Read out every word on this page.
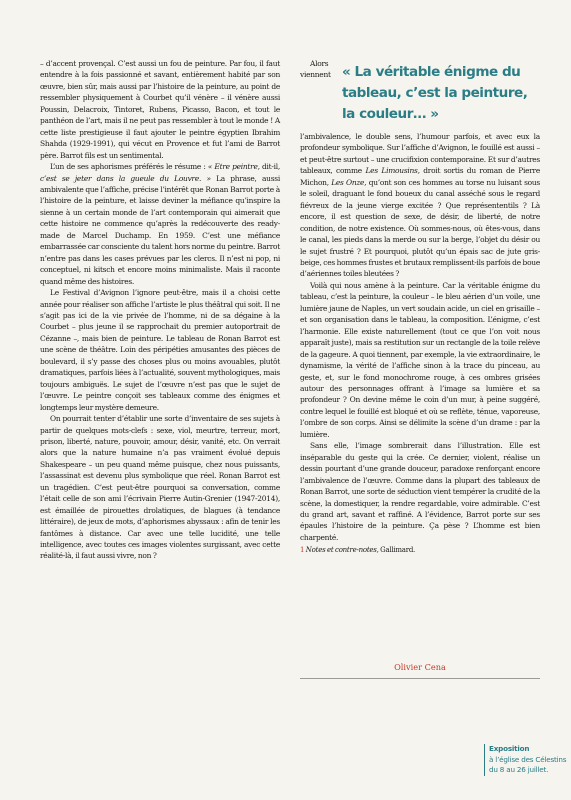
– d’accent provençal. C’est aussi un fou de peinture. Par fou, il faut entendre à la fois passionné et savant, entièrement habité par son œuvre, bien sûr, mais aussi par l’histoire de la peinture, au point de ressembler physiquement à Courbet qu’il vénère – il vénère aussi Poussin, Delacroix, Tintoret, Rubens, Picasso, Bacon, et tout le panthéon de l’art, mais il ne peut pas ressembler à tout le monde ! A cette liste prestigieuse il faut ajouter le peintre égyptien Ibrahim Shahda (1929-1991), qui vécut en Provence et fut l’ami de Barrot père. Barrot fils est un sentimental.

L’un de ses aphorismes préférés le résume : « Etre peintre, dit-il, c’est se jeter dans la gueule du Louvre. » La phrase, aussi ambivalente que l’affiche, précise l’intérêt que Ronan Barrot porte à l’histoire de la peinture, et laisse deviner la méfiance qu’inspire la sienne à un certain monde de l’art contemporain qui aimerait que cette histoire ne commence qu’après la redécouverte des ready-made de Marcel Duchamp. En 1959. C’est une méfiance embarrassée car consciente du talent hors norme du peintre. Barrot n’entre pas dans les cases prévues par les clercs. Il n’est ni pop, ni conceptuel, ni kitsch et encore moins minimaliste. Mais il raconte quand même des histoires.

Le Festival d’Avignon l’ignore peut-être, mais il a choisi cette année pour réaliser son affiche l’artiste le plus théâtral qui soit. Il ne s’agit pas ici de la vie privée de l’homme, ni de sa dégaine à la Courbet – plus jeune il se rapprochait du premier autoportrait de Cézanne –, mais bien de peinture. Le tableau de Ronan Barrot est une scène de théâtre. Loin des péripéties amusantes des pièces de boulevard, il s’y passe des choses plus ou moins avouables, plutôt dramatiques, parfois liées à l’actualité, souvent mythologiques, mais toujours ambiguës. Le sujet de l’œuvre n’est pas que le sujet de l’œuvre. Le peintre conçoit ses tableaux comme des énigmes et longtemps leur mystère demeure.

On pourrait tenter d’établir une sorte d’inventaire de ses sujets à partir de quelques mots-clefs : sexe, viol, meurtre, terreur, mort, prison, liberté, nature, pouvoir, amour, désir, vanité, etc. On verrait alors que la nature humaine n’a pas vraiment évolué depuis Shakespeare – un peu quand même puisque, chez nous puissants, l’assassinat est devenu plus symbolique que réel. Ronan Barrot est un tragédien. C’est peut-être pourquoi sa conversation, comme l’était celle de son ami l’écrivain Pierre Autin-Grenier (1947-2014), est émaillée de pirouettes drolatiques, de blagues (à tendance littéraire), de jeux de mots, d’aphorismes abyssaux : afin de tenir les fantômes à distance. Car avec une telle lucidité, une telle intelligence, avec toutes ces images violentes surgissant, avec cette réalité-là, il faut aussi vivre, non ?

« La véritable énigme du tableau, c’est la peinture, la couleur… »

Alors viennent l’ambivalence, le double sens, l’humour parfois, et avec eux la profondeur symbolique. Sur l’affiche d’Avignon, le fouillé est aussi – et peut-être surtout – une crucifixion contemporaine. Et sur d’autres tableaux, comme Les Limousins, droit sortis du roman de Pierre Michon, Les Onze, qu’ont son ces hommes au torse nu luisant sous le soleil, draguant le fond boueux du canal asséché sous le regard fiévreux de la jeune vierge excitée ? Que représententils ? Là encore, il est question de sexe, de désir, de liberté, de notre condition, de notre existence. Où sommes-nous, où êtes-vous, dans le canal, les pieds dans la merde ou sur la berge, l’objet du désir ou le sujet frustré ? Et pourquoi, plutôt qu’un épais sac de jute gris-beige, ces hommes frustes et brutaux remplissent-ils parfois de boue d’aériennes toiles bleutées ?

Voilà qui nous amène à la peinture. Car la véritable énigme du tableau, c’est la peinture, la couleur – le bleu aérien d’un voile, une lumière jaune de Naples, un vert soudain acide, un ciel en grisaille – et son organisation dans le tableau, la composition. L’énigme, c’est l’harmonie. Elle existe naturellement (tout ce que l’on voit nous apparaît juste), mais sa restitution sur un rectangle de la toile relève de la gageure. A quoi tiennent, par exemple, la vie extraordinaire, le dynamisme, la vérité de l’affiche sinon à la trace du pinceau, au geste, et, sur le fond monochrome rouge, à ces ombres grisées autour des personnages offrant à l’image sa lumière et sa profondeur ? On devine même le coin d’un mur, à peine suggéré, contre lequel le fouillé est bloqué et où se reflète, ténue, vaporeuse, l’ombre de son corps. Ainsi se délimite la scène d’un drame : par la lumière.

Sans elle, l’image sombrerait dans l’illustration. Elle est inséparable du geste qui la crée. Ce dernier, violent, réalise un dessin pourtant d’une grande douceur, paradoxe renforçant encore l’ambivalence de l’œuvre. Comme dans la plupart des tableaux de Ronan Barrot, une sorte de séduction vient tempérer la crudité de la scène, la domestiquer, la rendre regardable, voire admirable. C’est du grand art, savant et raffiné. A l’évidence, Barrot porte sur ses épaules l’histoire de la peinture. Ça pèse ? L’homme est bien charpenté.

1 Notes et contre-notes, Gallimard.
Olivier Cena
Exposition
à l’église des Célestins
du 8 au 26 juillet.
